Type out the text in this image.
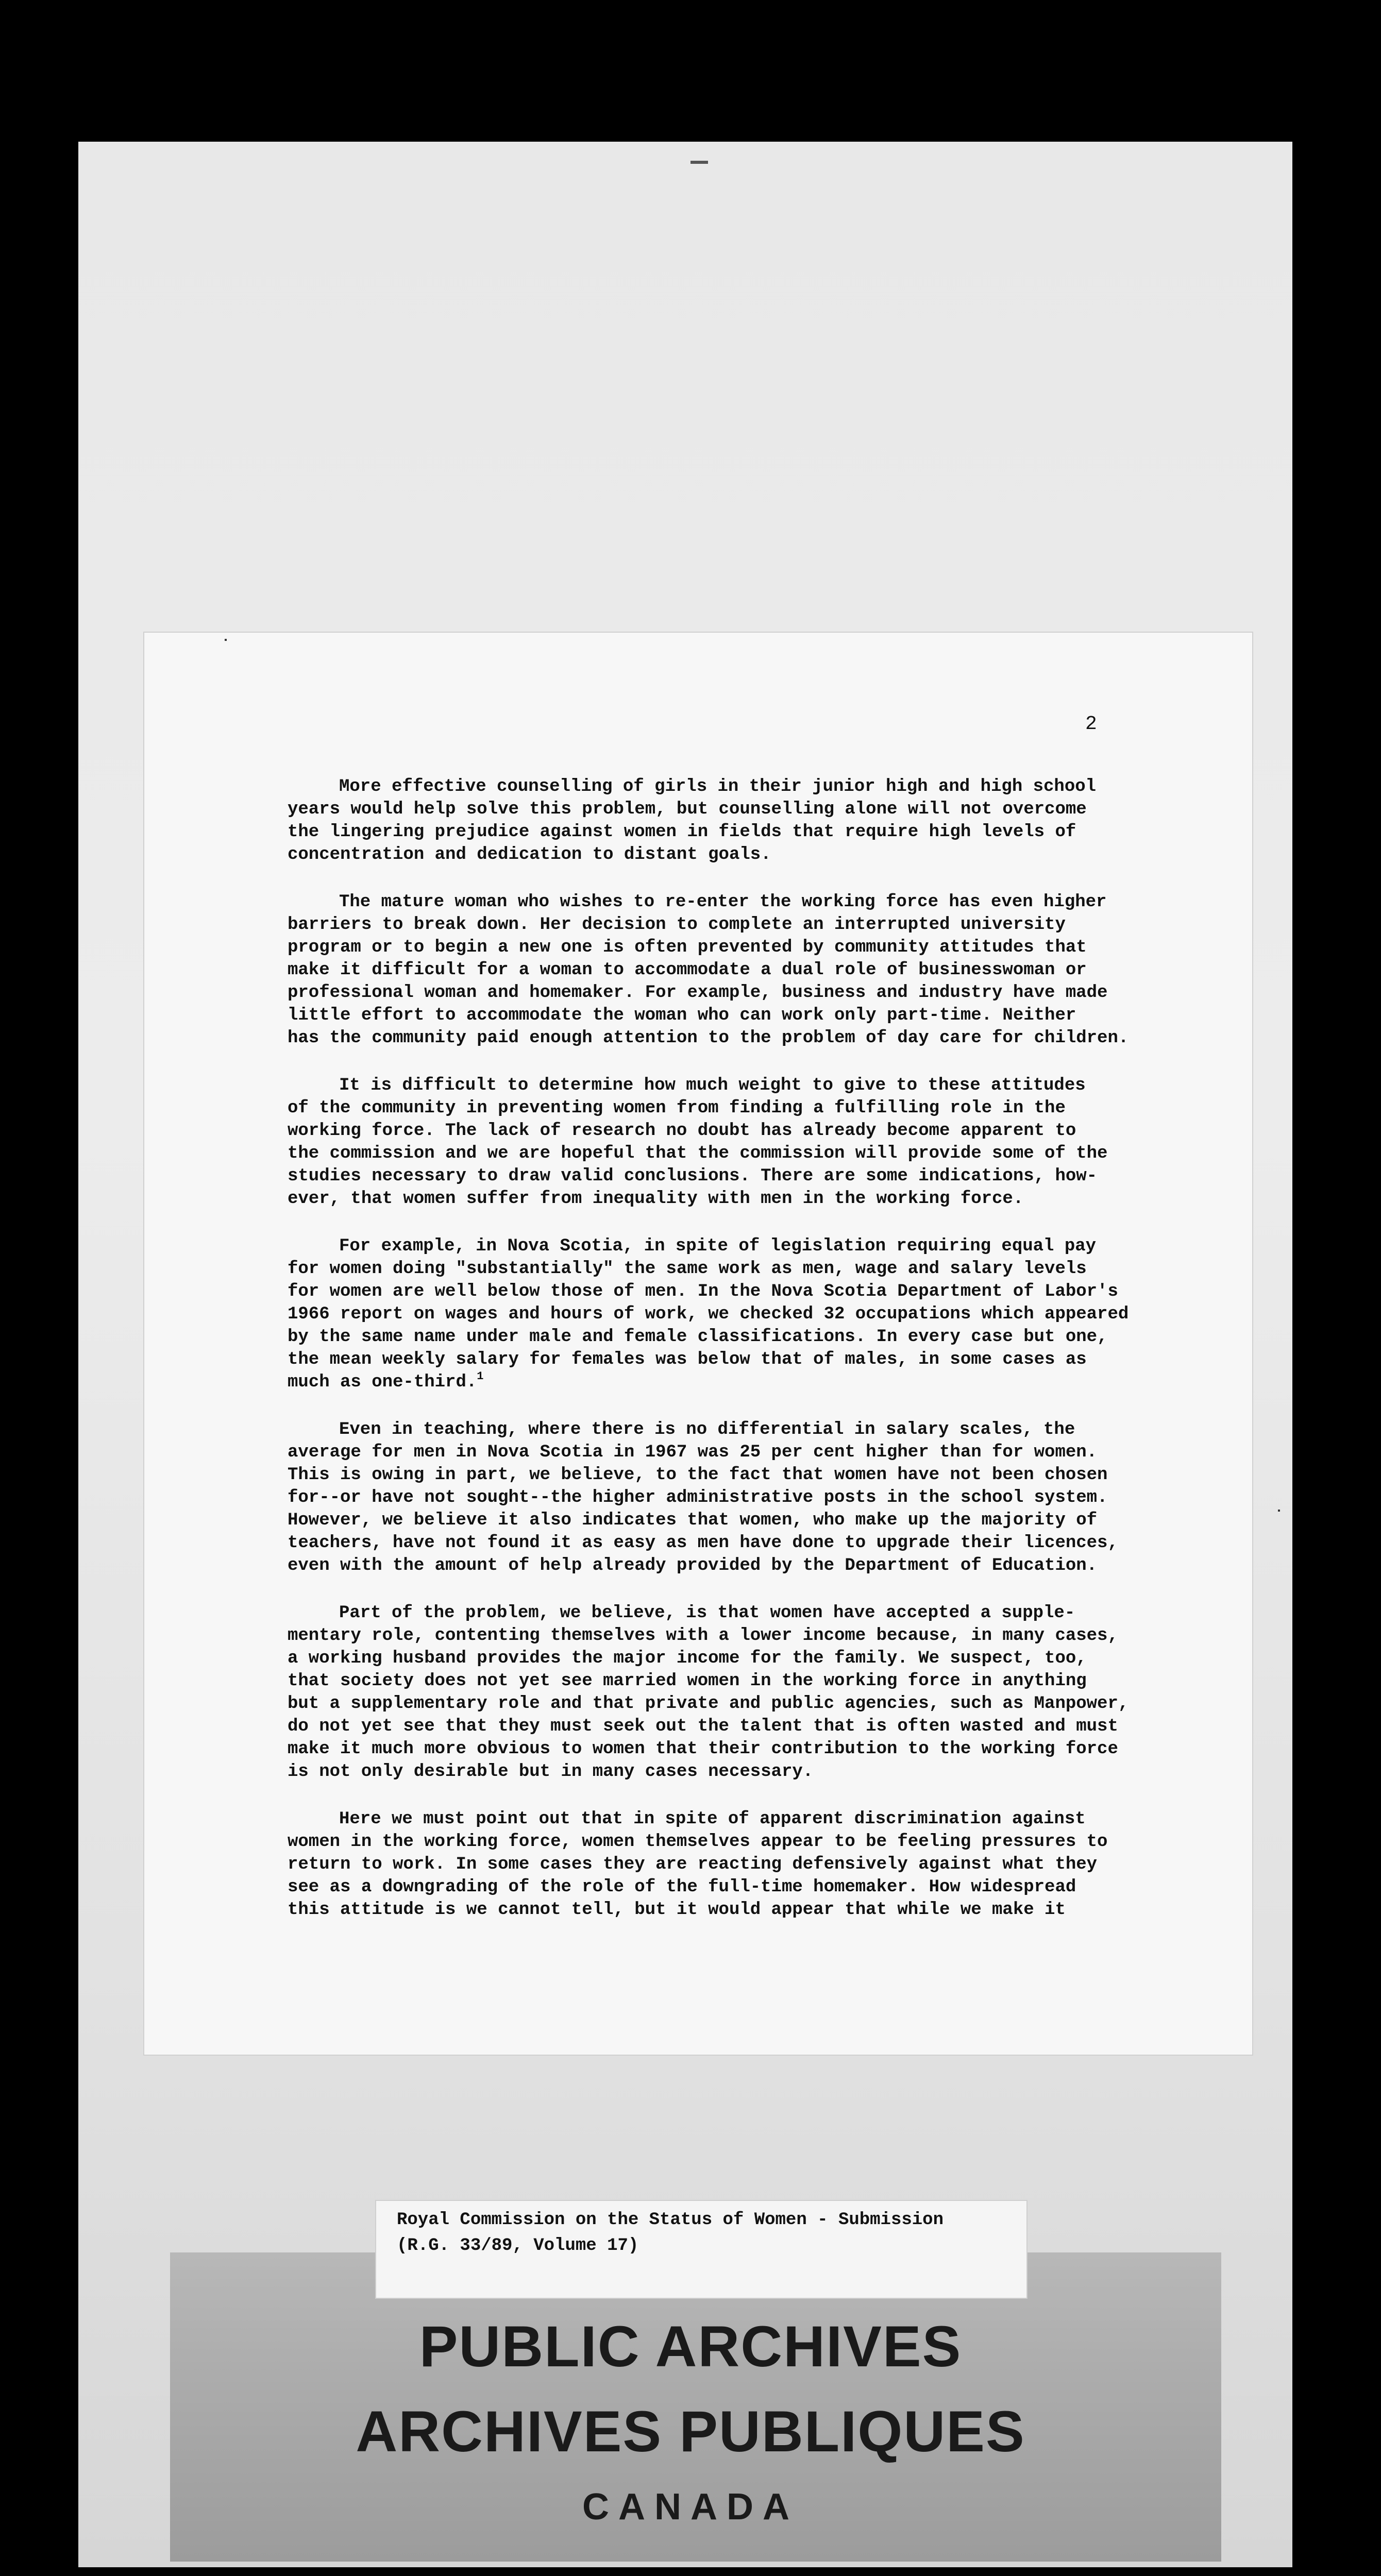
2

More effective counselling of girls in their junior high and high school
years would help solve this problem, but counselling alone will not overcome
the lingering prejudice against women in fields that require high levels of
concentration and dedication to distant goals.

The mature woman who wishes to re-enter the working force has even higher
barriers to break down. Her decision to complete an interrupted university
program or to begin a new one is often prevented by community attitudes that
make it difficult for a woman to accommodate a dual role of businesswoman or
professional woman and homemaker. For example, business and industry have made
little effort to accommodate the woman who can work only part-time. Neither
has the community paid enough attention to the problem of day care for children.

It is difficult to determine how much weight to give to these attitudes
of the community in preventing women from finding a fulfilling role in the
working force. The lack of research no doubt has already become apparent to
the commission and we are hopeful that the commission will provide some of the
studies necessary to draw valid conclusions. There are some indications, how-
ever, that women suffer from inequality with men in the working force.

For example, in Nova Scotia, in spite of legislation requiring equal pay
for women doing "substantially" the same work as men, wage and salary levels
for women are well below those of men. In the Nova Scotia Department of Labor's
1966 report on wages and hours of work, we checked 32 occupations which appeared
by the same name under male and female classifications. In every case but one,
the mean weekly salary for females was below that of males, in some cases as
much as one-third.$^1$

Even in teaching, where there is no differential in salary scales, the
average for men in Nova Scotia in 1967 was 25 per cent higher than for women.
This is owing in part, we believe, to the fact that women have not been chosen
for--or have not sought--the higher administrative posts in the school system.
However, we believe it also indicates that women, who make up the majority of
teachers, have not found it as easy as men have done to upgrade their licences,
even with the amount of help already provided by the Department of Education.

Part of the problem, we believe, is that women have accepted a supple-
mentary role, contenting themselves with a lower income because, in many cases,
a working husband provides the major income for the family. We suspect, too,
that society does not yet see married women in the working force in anything
but a supplementary role and that private and public agencies, such as Manpower,
do not yet see that they must seek out the talent that is often wasted and must
make it much more obvious to women that their contribution to the working force
is not only desirable but in many cases necessary.

Here we must point out that in spite of apparent discrimination against
women in the working force, women themselves appear to be feeling pressures to
return to work. In some cases they are reacting defensively against what they
see as a downgrading of the role of the full-time homemaker. How widespread
this attitude is we cannot tell, but it would appear that while we make it

PUBLIC ARCHIVES

ARCHIVES PUBLIQUES

CANADA

Royal Commission on the Status of Women - Submission

(R.G. 33/89, Volume 17)
